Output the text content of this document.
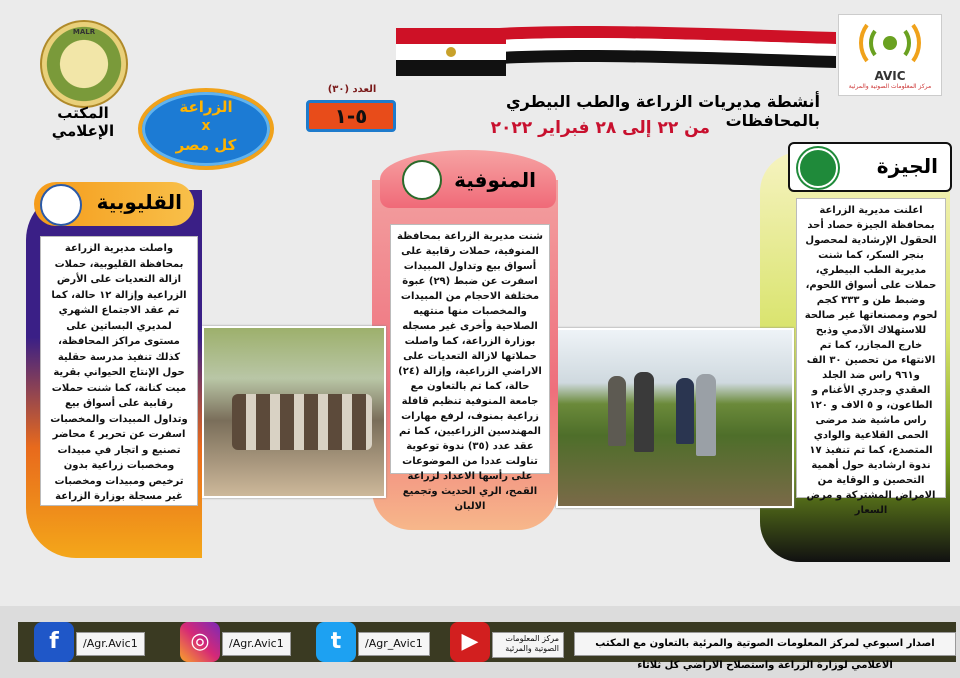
MALR
المكتب الإعلامي
الزراعة
x
كل مصر
العدد (٣٠)
٥-١
AVIC
مركز المعلومات الصوتية والمرئية
أنشطة مديريات الزراعة والطب البيطري بالمحافظات
من ٢٢ إلى ٢٨ فبراير ٢٠٢٢
الجيزة
اعلنت مديرية الزراعة بمحافظة الجيزة حصاد أحد الحقول الإرشادية لمحصول بنجر السكر، كما شنت مديرية الطب البيطري، حملات على أسواق اللحوم، وضبط طن و ٣٣٣ كجم لحوم ومصنعاتها غير صالحة للاستهلاك الآدمي وذبح خارج المجازر، كما تم الانتهاء من تحصين ٣٠ الف و٩٦١ راس ضد الجلد العقدي وجدري الأغنام و الطاعون، و ٥ الاف و ١٢٠ راس ماشية ضد مرضى الحمى القلاعية والوادي المتصدع، كما تم تنفيذ ١٧ ندوة ارشادية حول أهمية التحصين و الوقاية من الامراض المشتركة و مرض السعار
المنوفية
شنت مديرية الزراعة بمحافظة المنوفية، حملات رقابية على أسواق بيع وتداول المبيدات اسفرت عن ضبط (٢٩) عبوة مختلفة الاحجام من المبيدات والمخصبات منها منتهيه الصلاحية وأخرى غير مسجله بوزارة الزراعة، كما واصلت حملاتها لازالة التعديات على الاراضي الزراعية، وإزالة (٢٤) حالة، كما تم بالتعاون مع جامعة المنوفية تنظيم قافلة زراعية بمنوف، لرفع مهارات المهندسين الزراعيين، كما تم عقد عدد (٣٥) ندوة توعوية تناولت عددا من الموضوعات على رأسها الاعداد لزراعة القمح، الري الحديث وتجميع الالبان
القليوبية
واصلت مديرية الزراعة بمحافظة القليوبية، حملات ازالة التعديات على الأرض الزراعية وإزالة ١٢ حالة، كما تم عقد الاجتماع الشهري لمديري البساتين على مستوى مراكز المحافظة، كذلك تنفيذ مدرسة حقلية حول الإنتاج الحيواني بقرية ميت كنانة، كما شنت حملات رقابية على أسواق بيع وتداول المبيدات والمخصبات اسفرت عن تحرير ٤ محاضر تصنيع و اتجار في مبيدات ومخصبات زراعية بدون ترخيص ومبيدات ومخصبات غير مسجلة بوزارة الزراعة
اصدار اسبوعي لمركز المعلومات الصوتية والمرئية بالتعاون مع المكتب الاعلامي لوزارة الزراعة واستصلاح الاراضي كل ثلاثاء
▶	مركز المعلومات الصوتية والمرئية
t	/Agr_Avic1
◎	/Agr.Avic1
f	/Agr.Avic1
